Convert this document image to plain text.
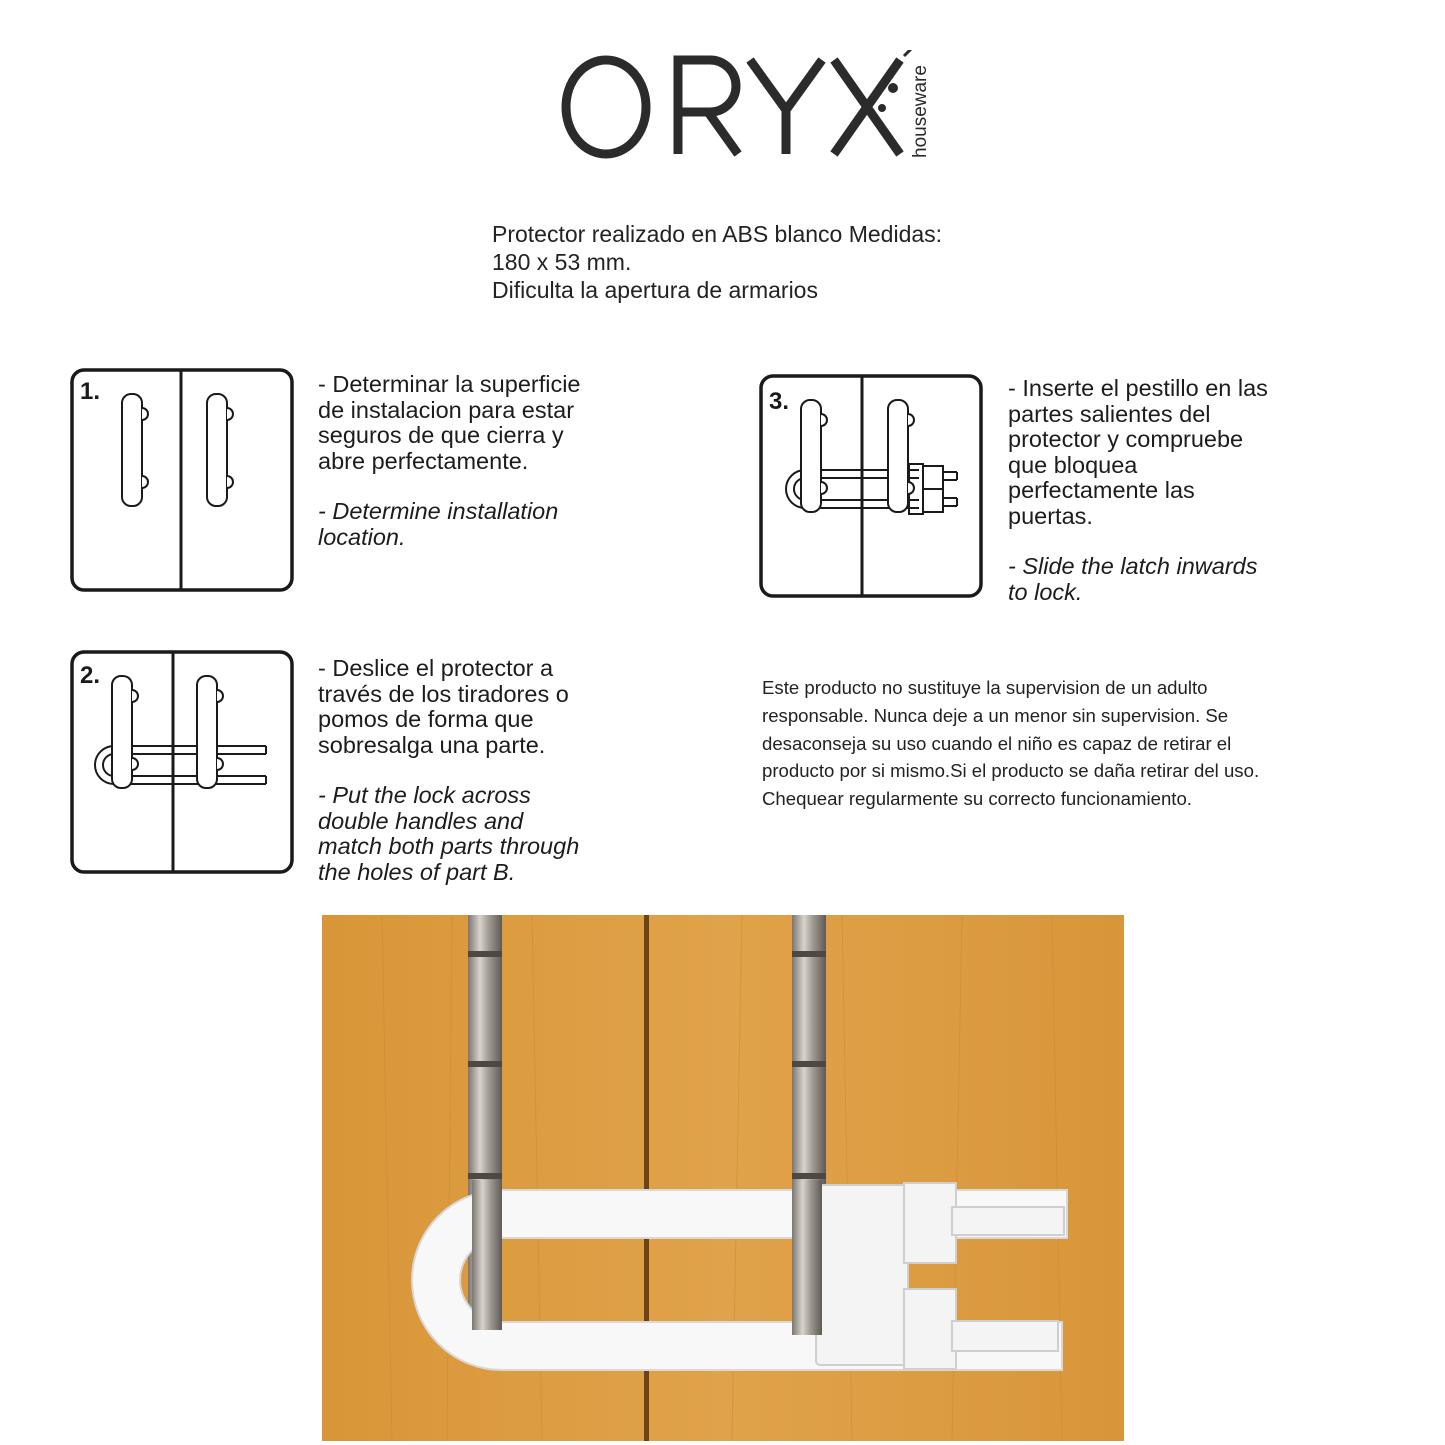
houseware
Protector realizado en ABS blanco Medidas:
180 x 53 mm.
Dificulta la apertura de armarios
1.	- Determinar la superficie
de instalacion para estar
seguros de que cierra y
abre perfectamente.
- Determine installation
location.
2.	- Deslice el protector a
través de los tiradores o
pomos de forma que
sobresalga una parte.
- Put the lock across
double handles and
match both parts through
the holes of part B.
3.	- Inserte el pestillo en las
partes salientes del
protector y compruebe
que bloquea
perfectamente las
puertas.
- Slide the latch inwards
to lock.
Este producto no sustituye la supervision de un adulto
responsable. Nunca deje a un menor sin supervision. Se
desaconseja su uso cuando el niño es capaz de retirar el
producto por si mismo.Si el producto se daña retirar del uso.
Chequear regularmente su correcto funcionamiento.
